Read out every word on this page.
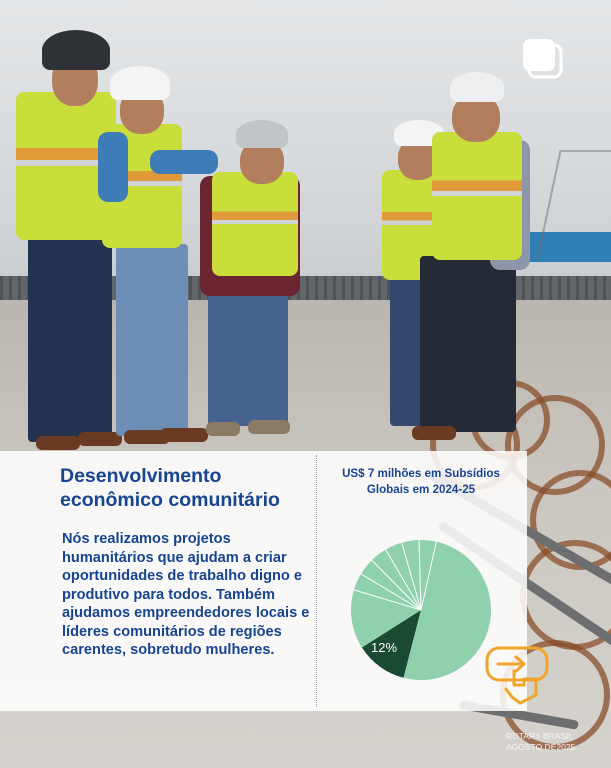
Desenvolvimento econômico comunitário
Nós realizamos projetos humanitários que ajudam a criar oportunidades de trabalho digno e produtivo para todos. Também ajudamos empreendedores locais e líderes comunitários de regiões carentes, sobretudo mulheres.
US$ 7 milhões em Subsídios Globais em 2024-25
12%
ROTARY BRASIL
AGOSTO DE2025
